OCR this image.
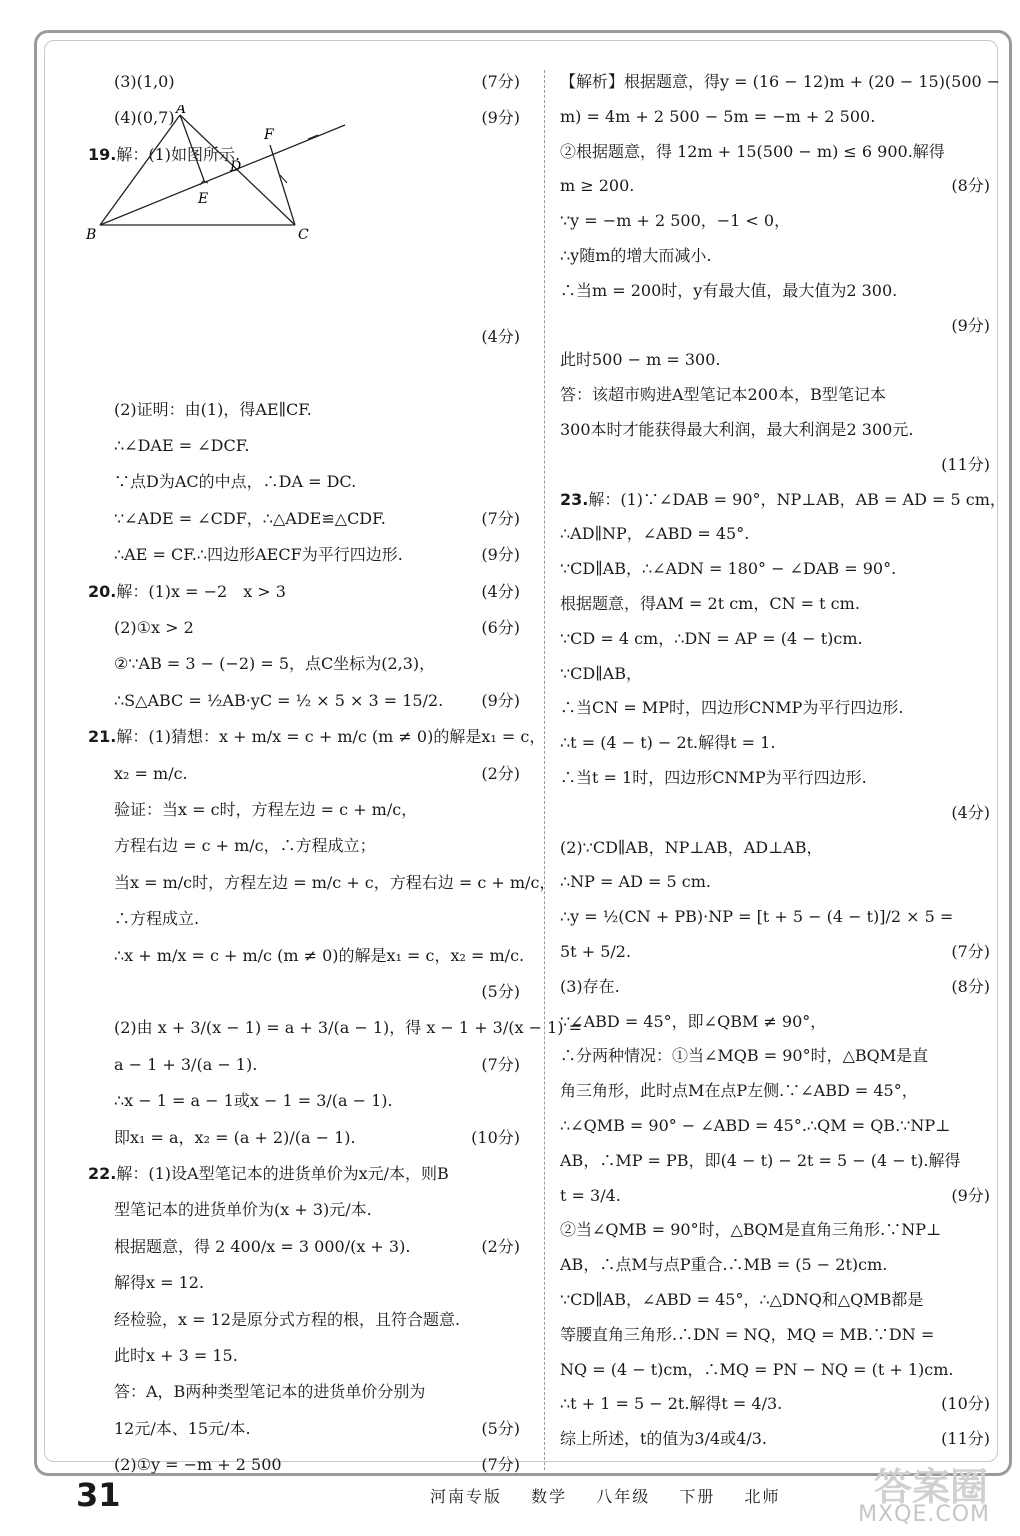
(3)(1,0)	(7分)
(4)(0,7)	(9分)
19.解：(1)如图所示.
(4分)
(2)证明：由(1)，得AE∥CF.
∴∠DAE = ∠DCF.
∵点D为AC的中点，∴DA = DC.
∵∠ADE = ∠CDF，∴△ADE≌△CDF.	(7分)
∴AE = CF.∴四边形AECF为平行四边形.	(9分)
20.解：(1)x = −2　x > 3	(4分)
(2)①x > 2	(6分)
②∵AB = 3 − (−2) = 5，点C坐标为(2,3)，
∴S△ABC = ½AB·yC = ½ × 5 × 3 = 15/2. (9分)
21.解：(1)猜想：x + m/x = c + m/c (m ≠ 0)的解是x₁ = c，
x₂ = m/c.	(2分)
验证：当x = c时，方程左边 = c + m/c，
方程右边 = c + m/c，∴方程成立；
当x = m/c时，方程左边 = m/c + c，方程右边 = c + m/c，
∴方程成立.
∴x + m/x = c + m/c (m ≠ 0)的解是x₁ = c，x₂ = m/c.
(5分)
(2)由 x + 3/(x − 1) = a + 3/(a − 1)，得 x − 1 + 3/(x − 1) =
a − 1 + 3/(a − 1).	(7分)
∴x − 1 = a − 1或x − 1 = 3/(a − 1).
即x₁ = a，x₂ = (a + 2)/(a − 1).	(10分)
22.解：(1)设A型笔记本的进货单价为x元/本，则B
型笔记本的进货单价为(x + 3)元/本.
根据题意，得 2 400/x = 3 000/(x + 3).	(2分)
解得x = 12.
经检验，x = 12是原分式方程的根，且符合题意.
此时x + 3 = 15.
答：A，B两种类型笔记本的进货单价分别为
12元/本、15元/本.	(5分)
(2)①y = −m + 2 500	(7分)
【解析】根据题意，得y = (16 − 12)m + (20 − 15)(500 −
m) = 4m + 2 500 − 5m = −m + 2 500.
②根据题意，得 12m + 15(500 − m) ≤ 6 900.解得
m ≥ 200.	(8分)
∵y = −m + 2 500，−1 < 0，
∴y随m的增大而减小.
∴当m = 200时，y有最大值，最大值为2 300.
(9分)
此时500 − m = 300.
答：该超市购进A型笔记本200本，B型笔记本
300本时才能获得最大利润，最大利润是2 300元.
(11分)
23.解：(1)∵∠DAB = 90°，NP⊥AB，AB = AD = 5 cm，
∴AD∥NP，∠ABD = 45°.
∵CD∥AB，∴∠ADN = 180° − ∠DAB = 90°.
根据题意，得AM = 2t cm，CN = t cm.
∵CD = 4 cm，∴DN = AP = (4 − t)cm.
∵CD∥AB，
∴当CN = MP时，四边形CNMP为平行四边形.
∴t = (4 − t) − 2t.解得t = 1.
∴当t = 1时，四边形CNMP为平行四边形.
(4分)
(2)∵CD∥AB，NP⊥AB，AD⊥AB，
∴NP = AD = 5 cm.
∴y = ½(CN + PB)·NP = [t + 5 − (4 − t)]/2 × 5 =
5t + 5/2.	(7分)
(3)存在.	(8分)
∵∠ABD = 45°，即∠QBM ≠ 90°，
∴分两种情况：①当∠MQB = 90°时，△BQM是直
角三角形，此时点M在点P左侧.∵∠ABD = 45°，
∴∠QMB = 90° − ∠ABD = 45°.∴QM = QB.∵NP⊥
AB，∴MP = PB，即(4 − t) − 2t = 5 − (4 − t).解得
t = 3/4.	(9分)
②当∠QMB = 90°时，△BQM是直角三角形.∵NP⊥
AB，∴点M与点P重合.∴MB = (5 − 2t)cm.
∵CD∥AB，∠ABD = 45°，∴△DNQ和△QMB都是
等腰直角三角形.∴DN = NQ，MQ = MB.∵DN =
NQ = (4 − t)cm，∴MQ = PN − NQ = (t + 1)cm.
∴t + 1 = 5 − 2t.解得t = 4/3.	(10分)
综上所述，t的值为3/4或4/3.	(11分)
A
B	C
D
E
F
31	河南专版 数学 八年级 下册 北师	答案圈
MXQE.COM
